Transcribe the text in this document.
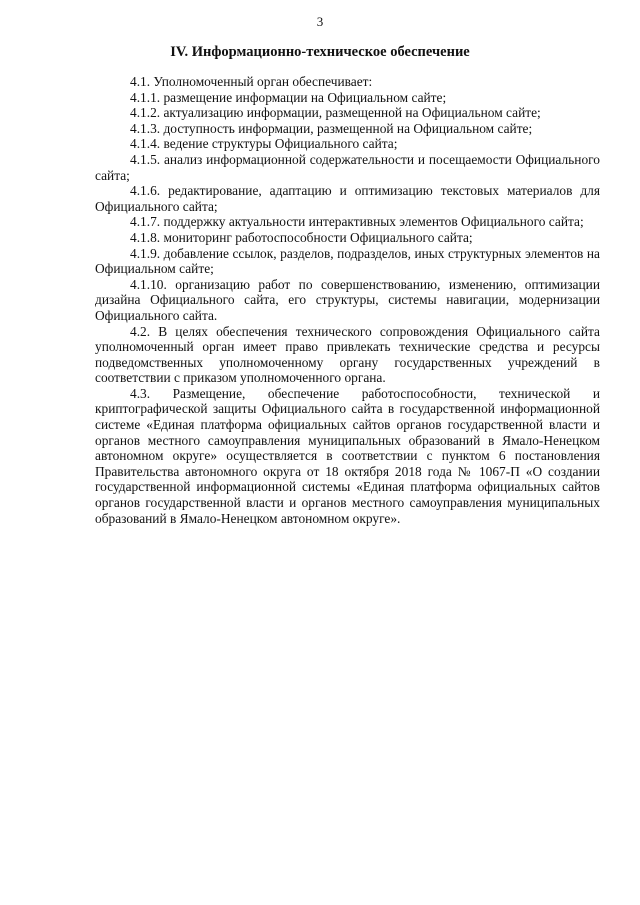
3
IV. Информационно-техническое обеспечение

4.1. Уполномоченный орган обеспечивает:

4.1.1. размещение информации на Официальном сайте;

4.1.2. актуализацию информации, размещенной на Официальном сайте;

4.1.3. доступность информации, размещенной на Официальном сайте;

4.1.4. ведение структуры Официального сайта;

4.1.5. анализ информационной содержательности и посещаемости Официального сайта;

4.1.6. редактирование, адаптацию и оптимизацию текстовых материалов для Официального сайта;

4.1.7. поддержку актуальности интерактивных элементов Официального сайта;

4.1.8. мониторинг работоспособности Официального сайта;

4.1.9. добавление ссылок, разделов, подразделов, иных структурных элементов на Официальном сайте;

4.1.10. организацию работ по совершенствованию, изменению, оптимизации дизайна Официального сайта, его структуры, системы навигации, модернизации Официального сайта.

4.2. В целях обеспечения технического сопровождения Официального сайта уполномоченный орган имеет право привлекать технические средства и ресурсы подведомственных уполномоченному органу государственных учреждений в соответствии с приказом уполномоченного органа.

4.3. Размещение, обеспечение работоспособности, технической и криптографической защиты Официального сайта в государственной информационной системе «Единая платформа официальных сайтов органов государственной власти и органов местного самоуправления муниципальных образований в Ямало-Ненецком автономном округе» осуществляется в соответствии с пунктом 6 постановления Правительства автономного округа от 18 октября 2018 года № 1067-П «О создании государственной информационной системы «Единая платформа официальных сайтов органов государственной власти и органов местного самоуправления муниципальных образований в Ямало-Ненецком автономном округе».
